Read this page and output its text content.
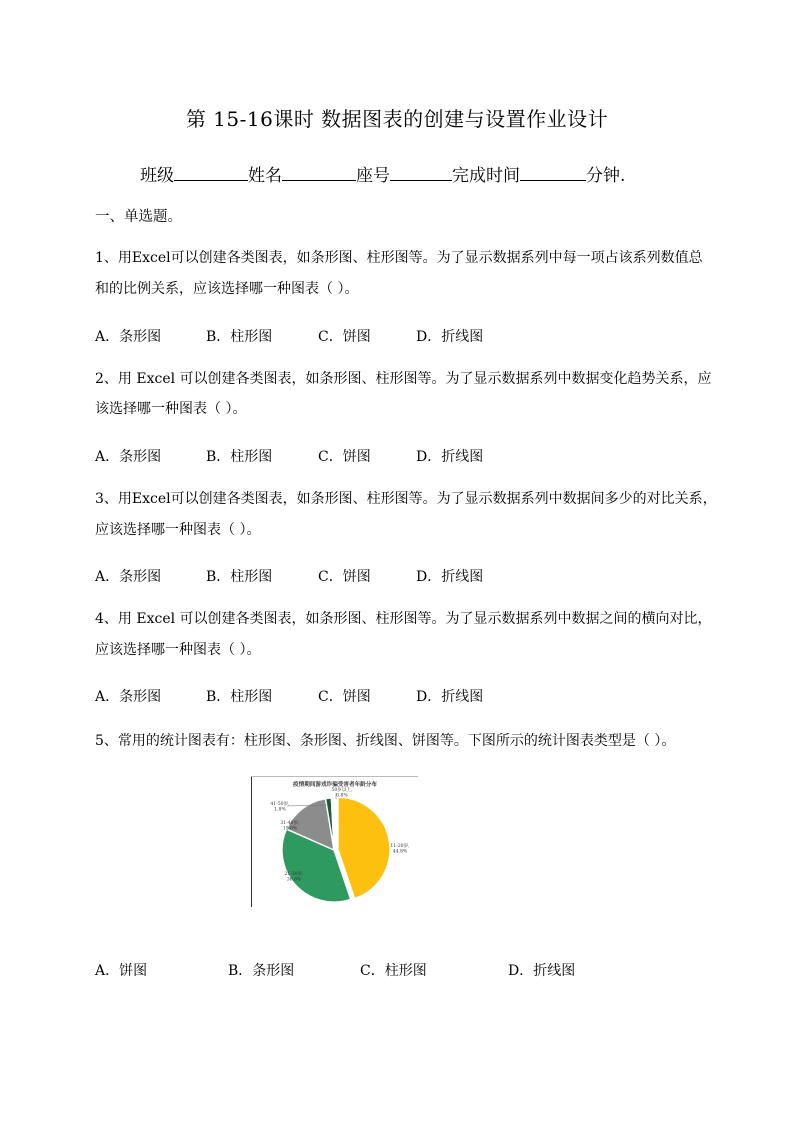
第 15-16课时 数据图表的创建与设置作业设计
班级	姓名	座号	完成时间	分钟.
一、单选题。
1、用Excel可以创建各类图表，如条形图、柱形图等。为了显示数据系列中每一项占该系列数值总
和的比例关系，应该选择哪一种图表（ ）。
A．条形图	B．柱形图	C．饼图	D．折线图
2、用 Excel 可以创建各类图表，如条形图、柱形图等。为了显示数据系列中数据变化趋势关系，应
该选择哪一种图表（ ）。
A．条形图	B．柱形图	C．饼图	D．折线图
3、用Excel可以创建各类图表，如条形图、柱形图等。为了显示数据系列中数据间多少的对比关系，
应该选择哪一种图表（ ）。
A．条形图	B．柱形图	C．饼图	D．折线图
4、用 Excel 可以创建各类图表，如条形图、柱形图等。为了显示数据系列中数据之间的横向对比，
应该选择哪一种图表（ ）。
A．条形图	B．柱形图	C．饼图	D．折线图
5、常用的统计图表有：柱形图、条形图、折线图、饼图等。下图所示的统计图表类型是（ ）。
疫情期间游戏诈骗受害者年龄分布
11-20岁, 44.8%
21-30岁, 36.8%
31-40岁, 15.8%
41-50岁, 1.8%
50岁以上, 0.8%
A．饼图	B．条形图	C．柱形图	D．折线图
